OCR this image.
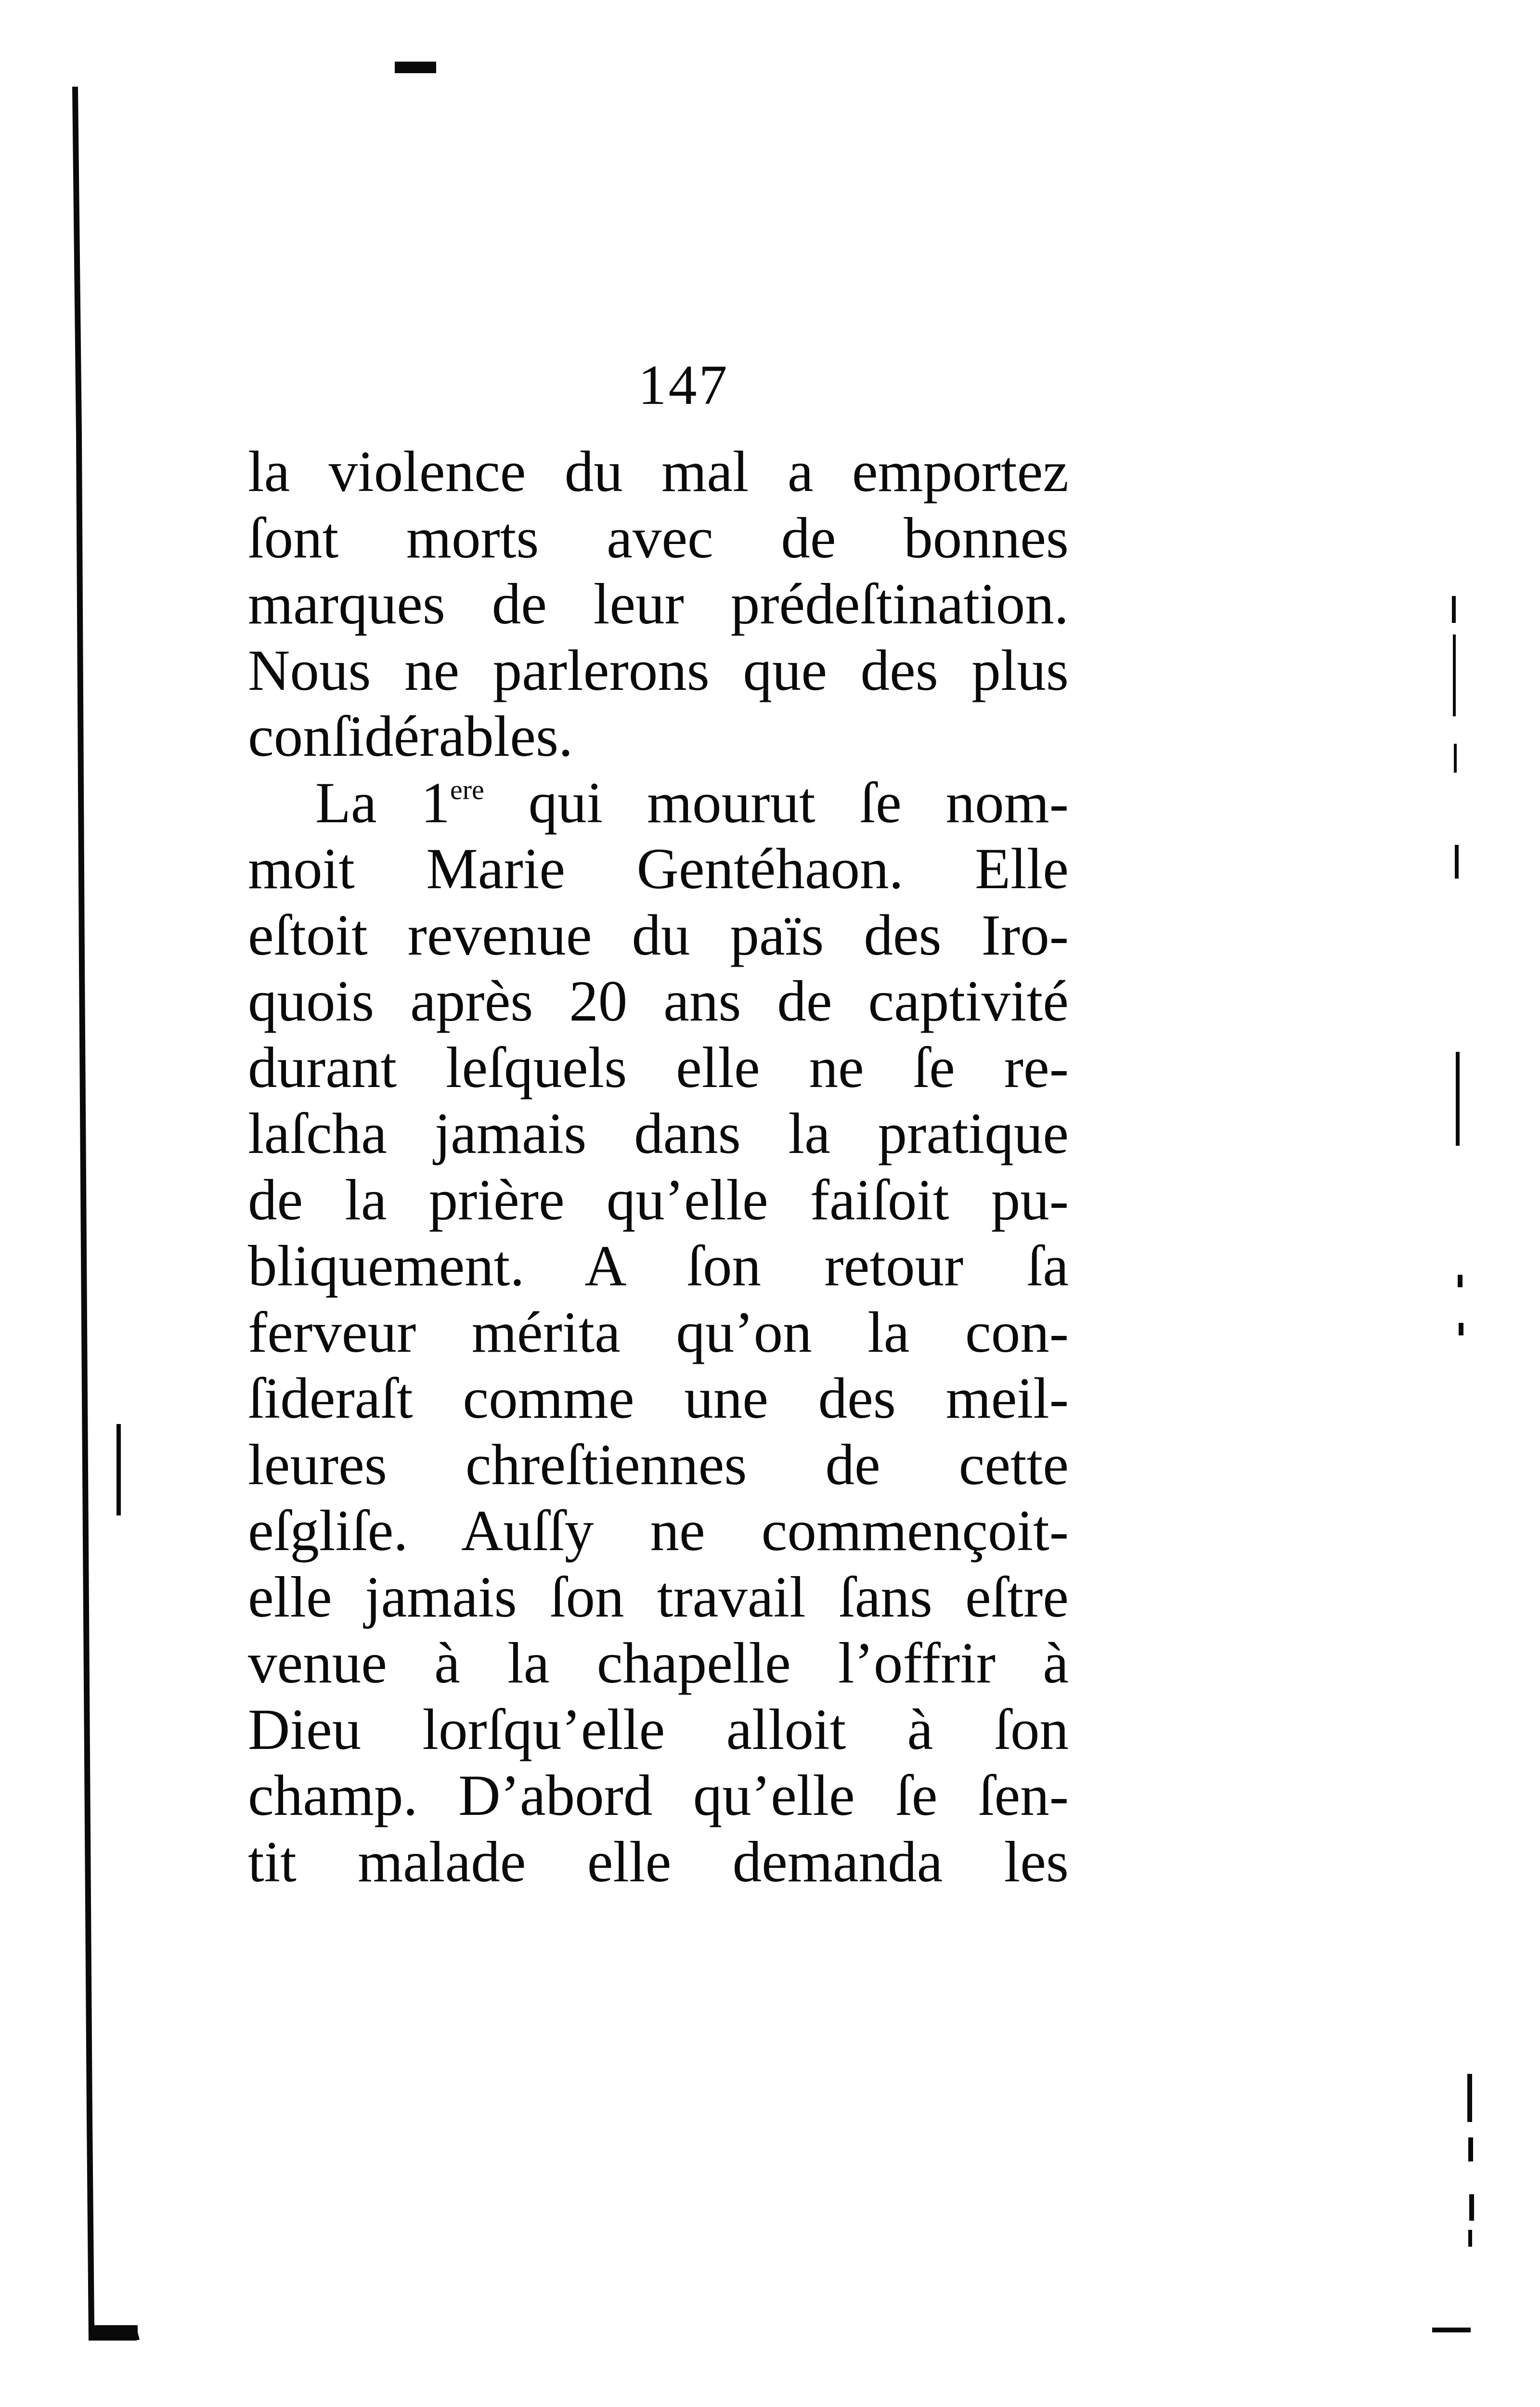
147
la violence du mal a emportez
ſont morts avec de bonnes
marques de leur prédeſtination.
Nous ne parlerons que des plus
conſidérables.
La 1ere qui mourut ſe nom-
moit Marie Gentéhaon. Elle
eſtoit revenue du païs des Iro-
quois après 20 ans de captivité
durant leſquels elle ne ſe re-
laſcha jamais dans la pratique
de la prière qu’elle faiſoit pu-
bliquement. A ſon retour ſa
ferveur mérita qu’on la con-
ſideraſt comme une des meil-
leures chreſtiennes de cette
eſgliſe. Auſſy ne commençoit-
elle jamais ſon travail ſans eſtre
venue à la chapelle l’offrir à
Dieu lorſqu’elle alloit à ſon
champ. D’abord qu’elle ſe ſen-
tit malade elle demanda les
